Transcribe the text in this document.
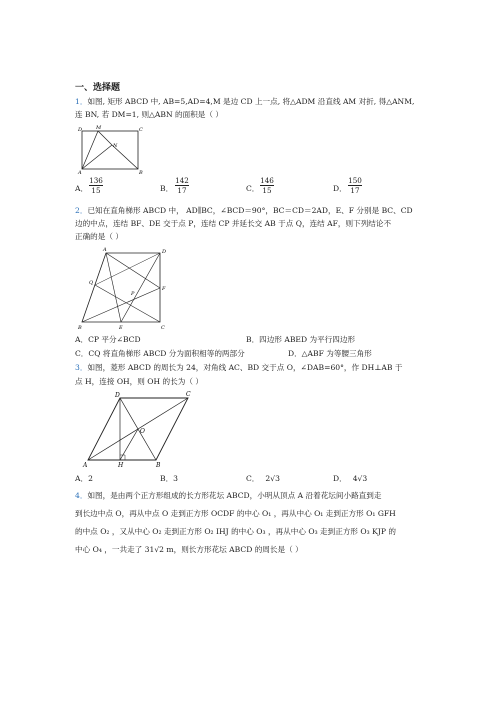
一、选择题
1．如图, 矩形 ABCD 中, AB=5,AD=4,M 是边 CD 上一点, 将△ADM 沿直线 AM 对折, 得△ANM,
连 BN, 若 DM=1, 则△ABN 的面积是（ ）
D	M	C
N
A	B
A．
136
15	B．
142
17	C．
146
15	D．
150
17
2．已知在直角梯形 ABCD 中， AD∥BC，∠BCD＝90°，BC＝CD＝2AD，E、F 分别是 BC、CD
边的中点，连结 BF、DE 交于点 P，连结 CP 并延长交 AB 于点 Q，连结 AF，则下列结论不
正确的是（ ）
A	D
Q
F
P
B	E	C
A．CP 平分∠BCD	B．四边形 ABED 为平行四边形
C．CQ 将直角梯形 ABCD 分为面积相等的两部分	D．△ABF 为等腰三角形
3．如图，菱形 ABCD 的周长为 24，对角线 AC、BD 交于点 O，∠DAB=60°，作 DH⊥AB 于
点 H，连接 OH，则 OH 的长为（ ）
D	C
O
A	H	B
A．2	B．3	C． 2√3	D． 4√3
4．如图，是由两个正方形组成的长方形花坛 ABCD，小明从顶点 A 沿着花坛间小路直到走
到长边中点 O，再从中点 O 走到正方形 OCDF 的中心 O₁ ，再从中心 O₁ 走到正方形 O₁ GFH
的中点 O₂ ，又从中心 O₂ 走到正方形 O₂ IHJ 的中心 O₃ ，再从中心 O₃ 走到正方形 O₃ KJP 的
中心 O₄ ，一共走了 31√2 m，则长方形花坛 ABCD 的周长是（ ）
